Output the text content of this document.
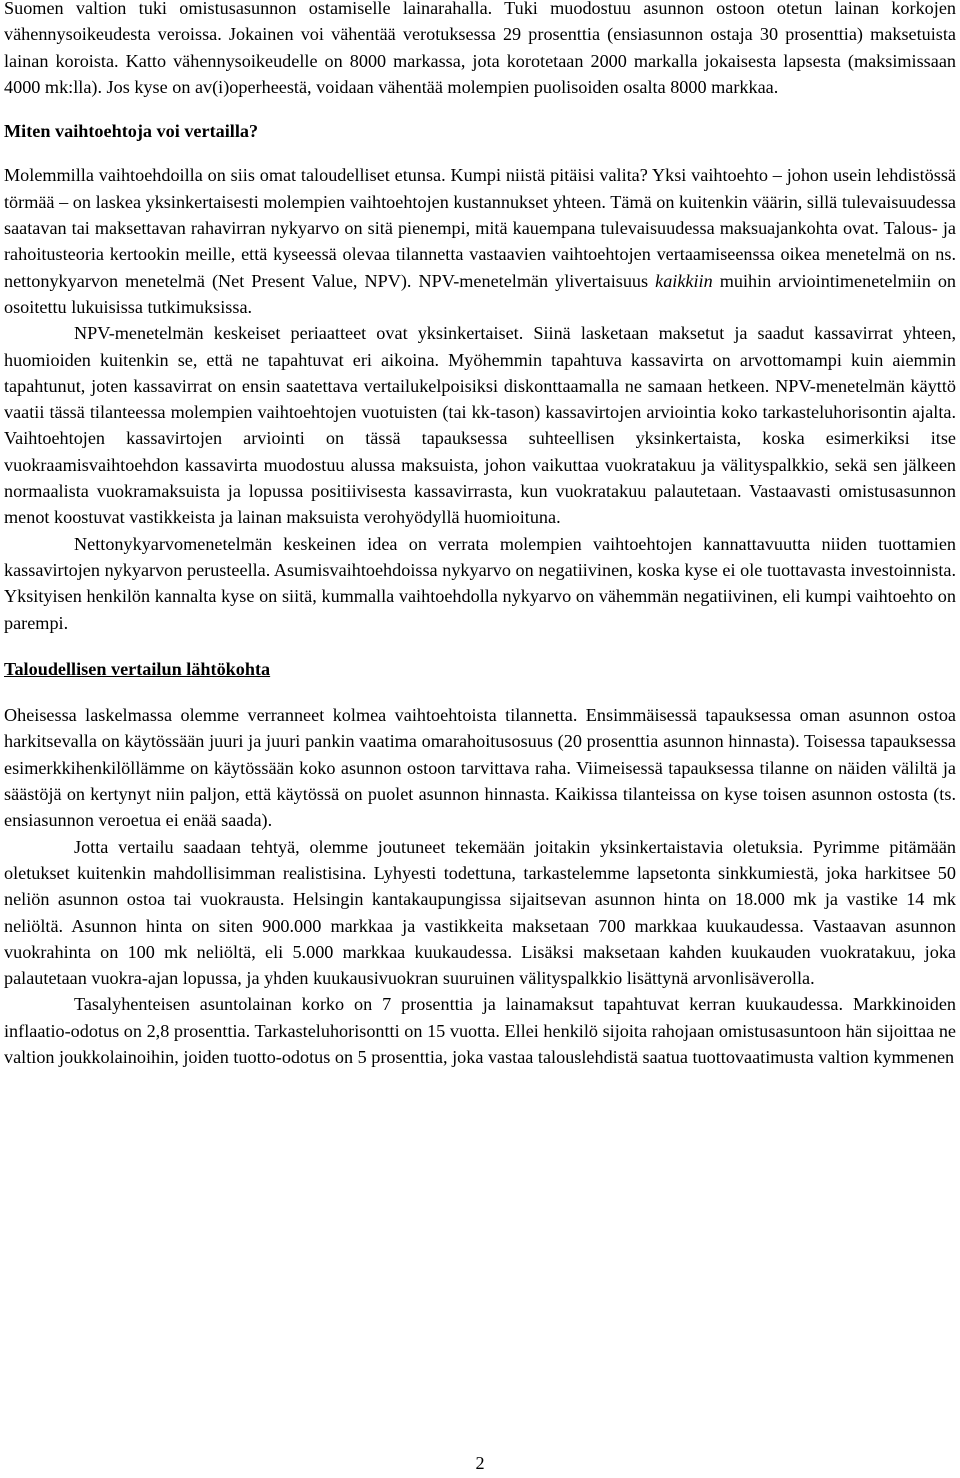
Suomen valtion tuki omistusasunnon ostamiselle lainarahalla. Tuki muodostuu asunnon ostoon otetun lainan korkojen vähennysoikeudesta veroissa. Jokainen voi vähentää verotuksessa 29 prosenttia (ensiasunnon ostaja 30 prosenttia) maksetuista lainan koroista. Katto vähennysoikeudelle on 8000 markassa, jota korotetaan 2000 markalla jokaisesta lapsesta (maksimissaan 4000 mk:lla). Jos kyse on av(i)operheestä, voidaan vähentää molempien puolisoiden osalta 8000 markkaa.

Miten vaihtoehtoja voi vertailla?

Molemmilla vaihtoehdoilla on siis omat taloudelliset etunsa. Kumpi niistä pitäisi valita? Yksi vaihtoehto – johon usein lehdistössä törmää – on laskea yksinkertaisesti molempien vaihtoehtojen kustannukset yhteen. Tämä on kuitenkin väärin, sillä tulevaisuudessa saatavan tai maksettavan rahavirran nykyarvo on sitä pienempi, mitä kauempana tulevaisuudessa maksuajankohta ovat. Talous- ja rahoitusteoria kertookin meille, että kyseessä olevaa tilannetta vastaavien vaihtoehtojen vertaamiseenssa oikea menetelmä on ns. nettonykyarvon menetelmä (Net Present Value, NPV). NPV-menetelmän ylivertaisuus kaikkiin muihin arviointimenetelmiin on osoitettu lukuisissa tutkimuksissa.

NPV-menetelmän keskeiset periaatteet ovat yksinkertaiset. Siinä lasketaan maksetut ja saadut kassavirrat yhteen, huomioiden kuitenkin se, että ne tapahtuvat eri aikoina. Myöhemmin tapahtuva kassavirta on arvottomampi kuin aiemmin tapahtunut, joten kassavirrat on ensin saatettava vertailukelpoisiksi diskonttaamalla ne samaan hetkeen. NPV-menetelmän käyttö vaatii tässä tilanteessa molempien vaihtoehtojen vuotuisten (tai kk-tason) kassavirtojen arviointia koko tarkasteluhorisontin ajalta. Vaihtoehtojen kassavirtojen arviointi on tässä tapauksessa suhteellisen yksinkertaista, koska esimerkiksi itse vuokraamisvaihtoehdon kassavirta muodostuu alussa maksuista, johon vaikuttaa vuokratakuu ja välityspalkkio, sekä sen jälkeen normaalista vuokramaksuista ja lopussa positiivisesta kassavirrasta, kun vuokratakuu palautetaan. Vastaavasti omistusasunnon menot koostuvat vastikkeista ja lainan maksuista verohyödyllä huomioituna.

Nettonykyarvomenetelmän keskeinen idea on verrata molempien vaihtoehtojen kannattavuutta niiden tuottamien kassavirtojen nykyarvon perusteella. Asumisvaihtoehdoissa nykyarvo on negatiivinen, koska kyse ei ole tuottavasta investoinnista. Yksityisen henkilön kannalta kyse on siitä, kummalla vaihtoehdolla nykyarvo on vähemmän negatiivinen, eli kumpi vaihtoehto on parempi.

Taloudellisen vertailun lähtökohta

Oheisessa laskelmassa olemme verranneet kolmea vaihtoehtoista tilannetta. Ensimmäisessä tapauksessa oman asunnon ostoa harkitsevalla on käytössään juuri ja juuri pankin vaatima omarahoitusosuus (20 prosenttia asunnon hinnasta). Toisessa tapauksessa esimerkkihenkilöllämme on käytössään koko asunnon ostoon tarvittava raha. Viimeisessä tapauksessa tilanne on näiden väliltä ja säästöjä on kertynyt niin paljon, että käytössä on puolet asunnon hinnasta. Kaikissa tilanteissa on kyse toisen asunnon ostosta (ts. ensiasunnon veroetua ei enää saada).

Jotta vertailu saadaan tehtyä, olemme joutuneet tekemään joitakin yksinkertaistavia oletuksia. Pyrimme pitämään oletukset kuitenkin mahdollisimman realistisina. Lyhyesti todettuna, tarkastelemme lapsetonta sinkkumiestä, joka harkitsee 50 neliön asunnon ostoa tai vuokrausta. Helsingin kantakaupungissa sijaitsevan asunnon hinta on 18.000 mk ja vastike 14 mk neliöltä. Asunnon hinta on siten 900.000 markkaa ja vastikkeita maksetaan 700 markkaa kuukaudessa. Vastaavan asunnon vuokrahinta on 100 mk neliöltä, eli 5.000 markkaa kuukaudessa. Lisäksi maksetaan kahden kuukauden vuokratakuu, joka palautetaan vuokra-ajan lopussa, ja yhden kuukausivuokran suuruinen välityspalkkio lisättynä arvonlisäverolla.

Tasalyhenteisen asuntolainan korko on 7 prosenttia ja lainamaksut tapahtuvat kerran kuukaudessa. Markkinoiden inflaatio-odotus on 2,8 prosenttia. Tarkasteluhorisontti on 15 vuotta. Ellei henkilö sijoita rahojaan omistusasuntoon hän sijoittaa ne valtion joukkolainoihin, joiden tuotto-odotus on 5 prosenttia, joka vastaa talouslehdistä saatua tuottovaatimusta valtion kymmenen

2
